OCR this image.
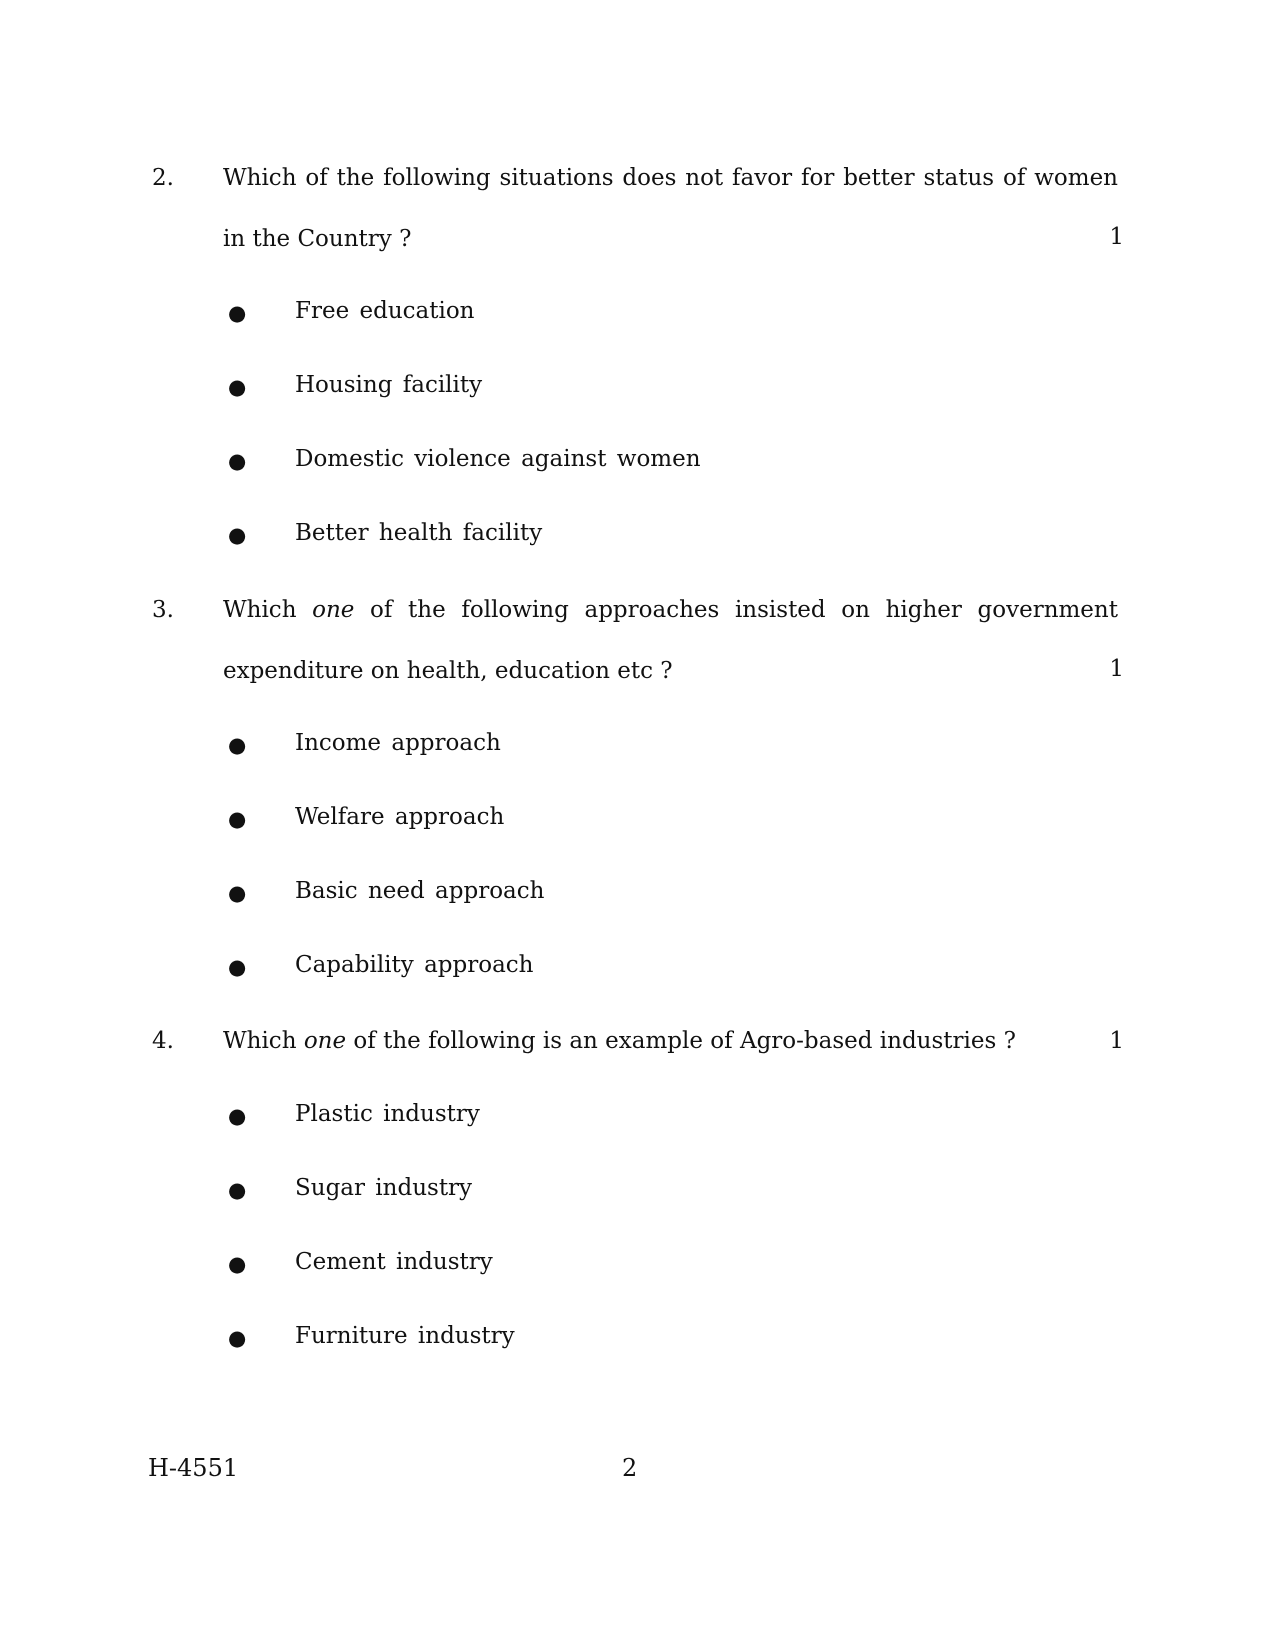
2. Which of the following situations does not favor for better status of women
in the Country ?	1
● Free education
● Housing facility
● Domestic violence against women
● Better health facility
3. Which one of the following approaches insisted on higher government
expenditure on health, education etc ?	1
● Income approach
● Welfare approach
● Basic need approach
● Capability approach
4. Which one of the following is an example of Agro-based industries ?	1
● Plastic industry
● Sugar industry
● Cement industry
● Furniture industry
H-4551	2
